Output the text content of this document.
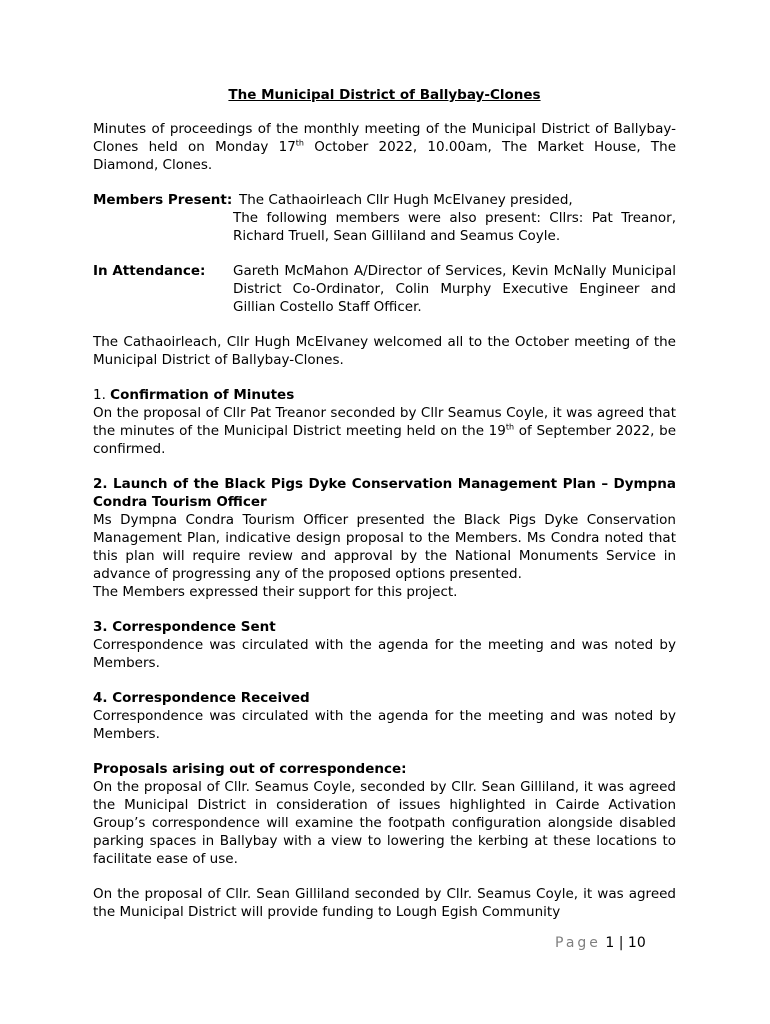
The Municipal District of Ballybay-Clones

Minutes of proceedings of the monthly meeting of the Municipal District of Ballybay-Clones held on Monday 17th October 2022, 10.00am, The Market House, The Diamond, Clones.

Members Present: The Cathaoirleach Cllr Hugh McElvaney presided,
The following members were also present: Cllrs: Pat Treanor, Richard Truell, Sean Gilliland and Seamus Coyle.
In Attendance:	Gareth McMahon A/Director of Services, Kevin McNally Municipal District Co-Ordinator, Colin Murphy Executive Engineer and Gillian Costello Staff Officer.

The Cathaoirleach, Cllr Hugh McElvaney welcomed all to the October meeting of the Municipal District of Ballybay-Clones.

1. Confirmation of Minutes

On the proposal of Cllr Pat Treanor seconded by Cllr Seamus Coyle, it was agreed that the minutes of the Municipal District meeting held on the 19th of September 2022, be confirmed.

2. Launch of the Black Pigs Dyke Conservation Management Plan – Dympna Condra Tourism Officer

Ms Dympna Condra Tourism Officer presented the Black Pigs Dyke Conservation Management Plan, indicative design proposal to the Members. Ms Condra noted that this plan will require review and approval by the National Monuments Service in advance of progressing any of the proposed options presented.

The Members expressed their support for this project.

3. Correspondence Sent

Correspondence was circulated with the agenda for the meeting and was noted by Members.

4. Correspondence Received

Correspondence was circulated with the agenda for the meeting and was noted by Members.

Proposals arising out of correspondence:

On the proposal of Cllr. Seamus Coyle, seconded by Cllr. Sean Gilliland, it was agreed the Municipal District in consideration of issues highlighted in Cairde Activation Group’s correspondence will examine the footpath configuration alongside disabled parking spaces in Ballybay with a view to lowering the kerbing at these locations to facilitate ease of use.

On the proposal of Cllr. Sean Gilliland seconded by Cllr. Seamus Coyle, it was agreed the Municipal District will provide funding to Lough Egish Community

Page 1 | 10
